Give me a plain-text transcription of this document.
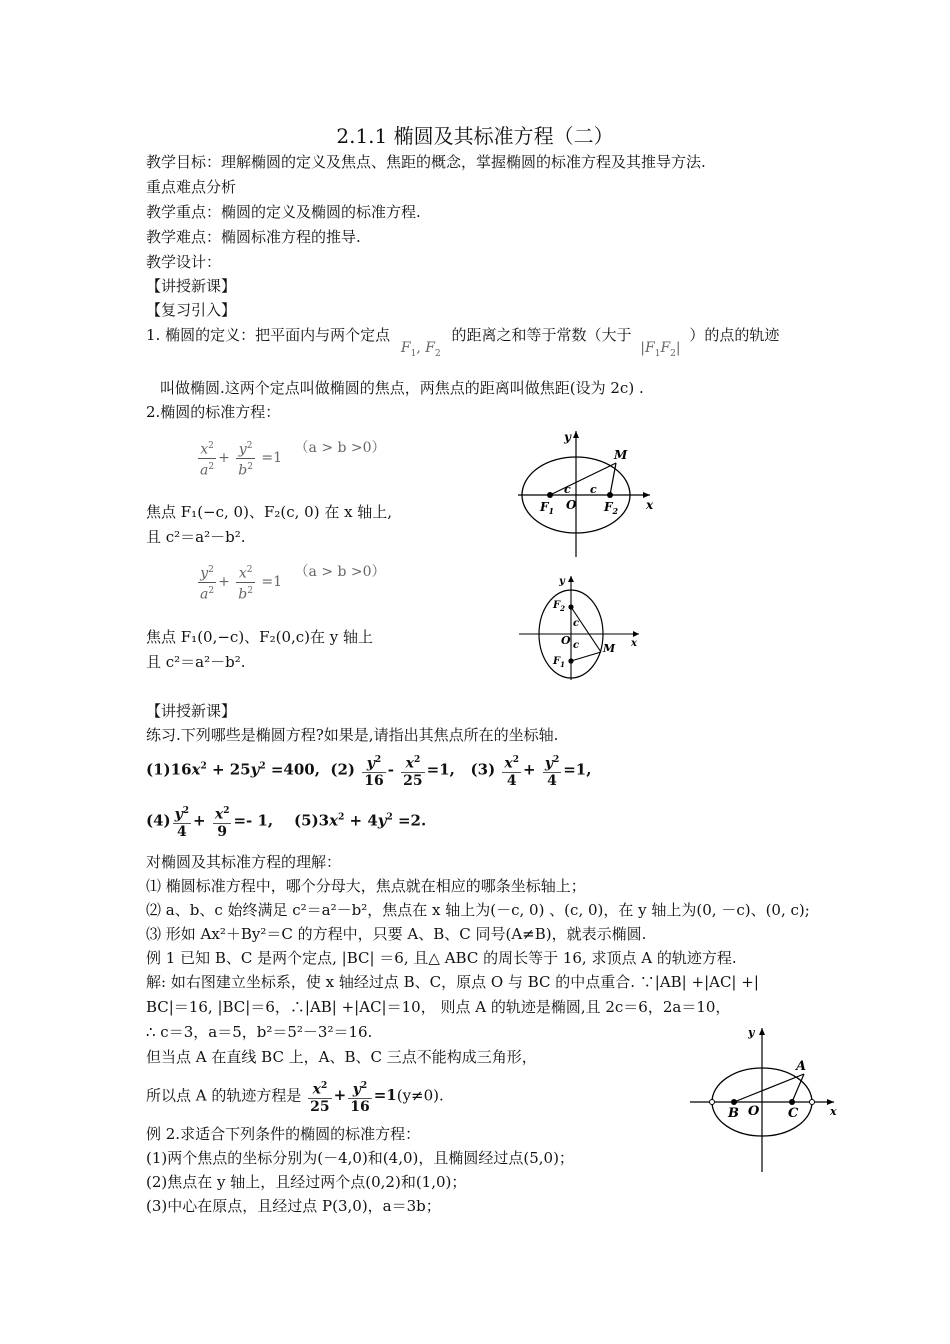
2.1.1 椭圆及其标准方程（二）
教学目标：理解椭圆的定义及焦点、焦距的概念，掌握椭圆的标准方程及其推导方法.
重点难点分析
教学重点：椭圆的定义及椭圆的标准方程.
教学难点：椭圆标准方程的推导.
教学设计：
【讲授新课】
【复习引入】
1. 椭圆的定义：把平面内与两个定点 $F_1$, $F_2$ 的距离之和等于常数（大于 $|F_1F_2|$ ）的点的轨迹
叫做椭圆.这两个定点叫做椭圆的焦点，两焦点的距离叫做焦距(设为 2c) .
2.椭圆的标准方程：
$\frac{x^2}{a^2} + \frac{y^2}{b^2} =1$ （a > b >0）
焦点 F₁(−c, 0)、F₂(c, 0) 在 x 轴上,
且 c²＝a²－b².
$\frac{y^2}{a^2} + \frac{x^2}{b^2} =1$ （a > b >0）
焦点 F₁(0,−c)、F₂(0,c)在 y 轴上
且 c²＝a²－b².
【讲授新课】
练习.下列哪些是椭圆方程?如果是,请指出其焦点所在的坐标轴.
$(1)16x^2 + 25y^2 =400$,  $(2) \frac{y^2}{16} - \frac{x^2}{25} =1$,   $(3) \frac{x^2}{4} + \frac{y^2}{4} =1$,
$(4) \frac{y^2}{4} + \frac{x^2}{9} =- 1$,    $(5)3x^2 + 4y^2 =2$.
对椭圆及其标准方程的理解：
⑴ 椭圆标准方程中，哪个分母大，焦点就在相应的哪条坐标轴上；
⑵ a、b、c 始终满足 c²＝a²－b²，焦点在 x 轴上为(－c, 0) 、(c, 0)，在 y 轴上为(0, －c)、(0, c);
⑶ 形如 Ax²＋By²＝C 的方程中，只要 A、B、C 同号(A≠B)，就表示椭圆.
例 1 已知 B、C 是两个定点, |BC| ＝6, 且△ ABC 的周长等于 16, 求顶点 A 的轨迹方程.
解: 如右图建立坐标系，使 x 轴经过点 B、C，原点 O 与 BC 的中点重合. ∵|AB| +|AC| +|
BC|＝16, |BC|＝6，∴|AB| +|AC|＝10， 则点 A 的轨迹是椭圆,且 2c＝6，2a＝10，
∴ c＝3，a＝5，b²＝5²－3²＝16.
但当点 A 在直线 BC 上，A、B、C 三点不能构成三角形，
所以点 A 的轨迹方程是 $\frac{x^2}{25} + \frac{y^2}{16} =1(y\ne 0)$.
例 2.求适合下列条件的椭圆的标准方程：
(1)两个焦点的坐标分别为(－4,0)和(4,0)，且椭圆经过点(5,0)；
(2)焦点在 y 轴上，且经过两个点(0,2)和(1,0)；
(3)中心在原点，且经过点 P(3,0)，a＝3b；
y
x
M
O
c c
$F_1$	$F_2$
y
x
M
O
c
c
$F_2$
$F_1$
y
x
A
B	C
O
